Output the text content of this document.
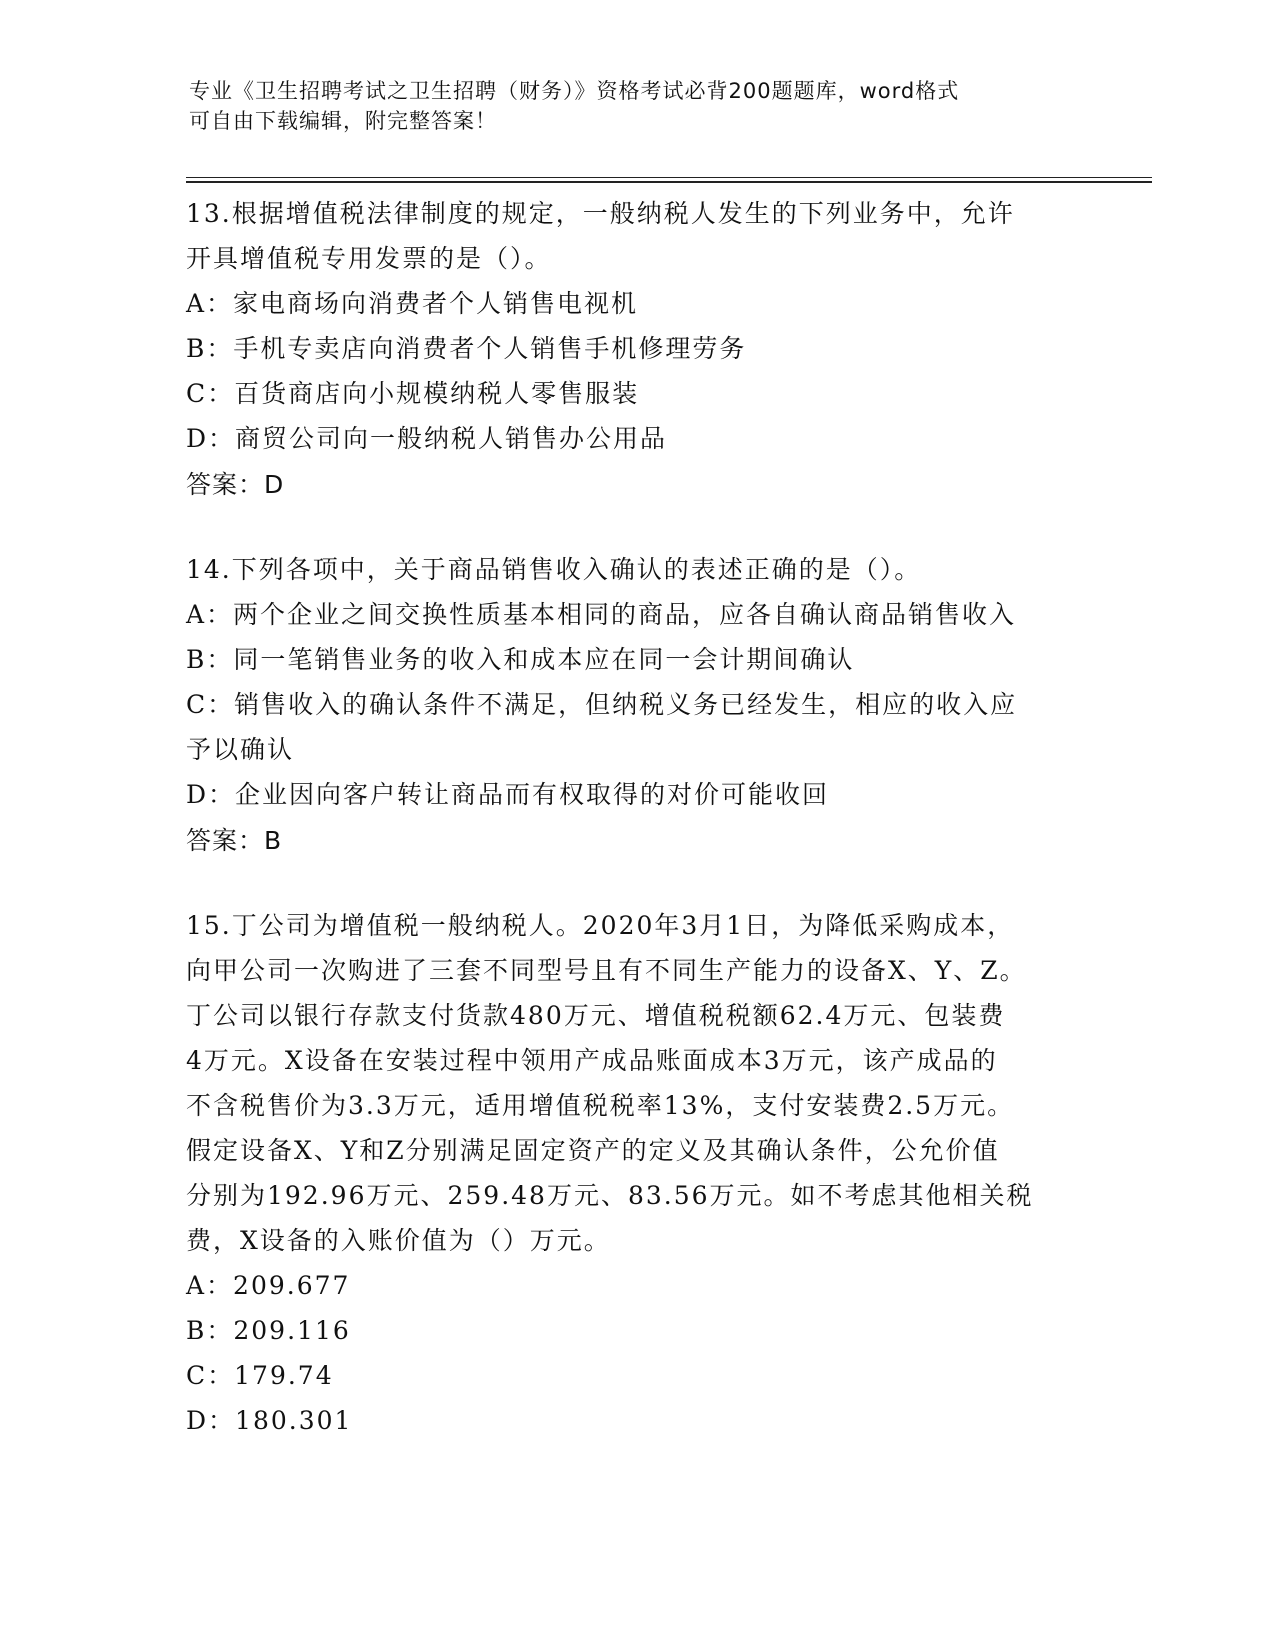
专业《卫生招聘考试之卫生招聘（财务）》资格考试必背200题题库，word格式

可自由下载编辑，附完整答案！

13.根据增值税法律制度的规定，一般纳税人发生的下列业务中，允许

开具增值税专用发票的是（）。

A：家电商场向消费者个人销售电视机

B：手机专卖店向消费者个人销售手机修理劳务

C：百货商店向小规模纳税人零售服装

D：商贸公司向一般纳税人销售办公用品

答案：D

14.下列各项中，关于商品销售收入确认的表述正确的是（）。

A：两个企业之间交换性质基本相同的商品，应各自确认商品销售收入

B：同一笔销售业务的收入和成本应在同一会计期间确认

C：销售收入的确认条件不满足，但纳税义务已经发生，相应的收入应

予以确认

D：企业因向客户转让商品而有权取得的对价可能收回

答案：B

15.丁公司为增值税一般纳税人。2020年3月1日，为降低采购成本，

向甲公司一次购进了三套不同型号且有不同生产能力的设备X、Y、Z。

丁公司以银行存款支付货款480万元、增值税税额62.4万元、包装费

4万元。X设备在安装过程中领用产成品账面成本3万元，该产成品的

不含税售价为3.3万元，适用增值税税率13%，支付安装费2.5万元。

假定设备X、Y和Z分别满足固定资产的定义及其确认条件，公允价值

分别为192.96万元、259.48万元、83.56万元。如不考虑其他相关税

费，X设备的入账价值为（）万元。

A：209.677

B：209.116

C：179.74

D：180.301
